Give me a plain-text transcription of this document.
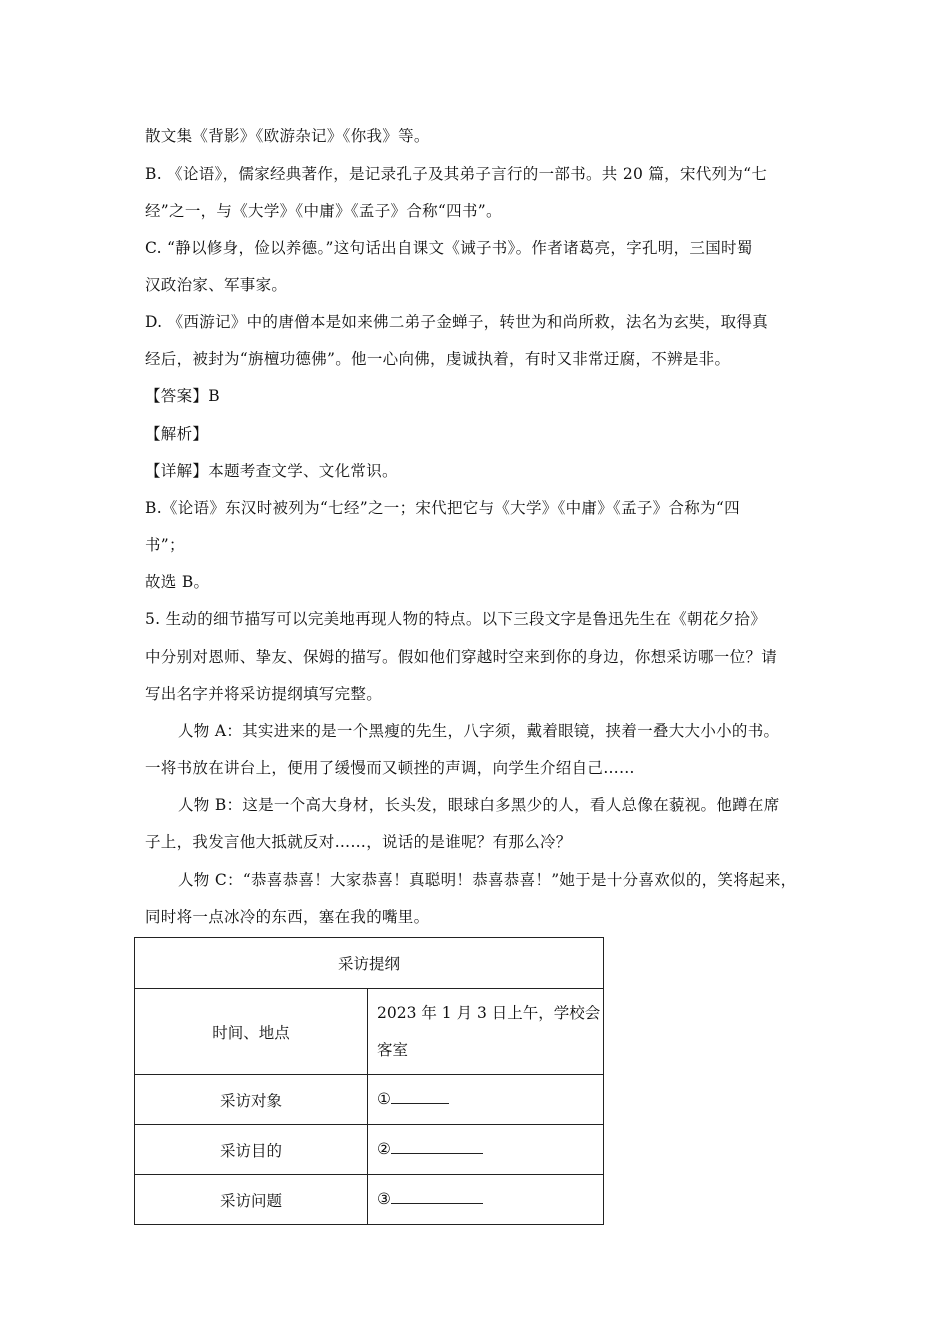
散文集《背影》《欧游杂记》《你我》等。
B. 《论语》，儒家经典著作，是记录孔子及其弟子言行的一部书。共 20 篇，宋代列为“七
经”之一，与《大学》《中庸》《孟子》合称“四书”。
C. “静以修身，俭以养德。”这句话出自课文《诫子书》。作者诸葛亮，字孔明，三国时蜀
汉政治家、军事家。
D. 《西游记》中的唐僧本是如来佛二弟子金蝉子，转世为和尚所救，法名为玄奘，取得真
经后，被封为“旃檀功德佛”。他一心向佛，虔诚执着，有时又非常迂腐，不辨是非。
【答案】B
【解析】
【详解】本题考查文学、文化常识。
B.《论语》东汉时被列为“七经”之一；宋代把它与《大学》《中庸》《孟子》合称为“四
书”；
故选 B。
5. 生动的细节描写可以完美地再现人物的特点。以下三段文字是鲁迅先生在《朝花夕拾》
中分别对恩师、挚友、保姆的描写。假如他们穿越时空来到你的身边，你想采访哪一位？请
写出名字并将采访提纲填写完整。
人物 A：其实进来的是一个黑瘦的先生，八字须，戴着眼镜，挟着一叠大大小小的书。
一将书放在讲台上，便用了缓慢而又顿挫的声调，向学生介绍自己……
人物 B：这是一个高大身材，长头发，眼球白多黑少的人，看人总像在藐视。他蹲在席
子上，我发言他大抵就反对……，说话的是谁呢？有那么冷？
人物 C：“恭喜恭喜！大家恭喜！真聪明！恭喜恭喜！”她于是十分喜欢似的，笑将起来，
同时将一点冰冷的东西，塞在我的嘴里。
采访提纲	
时间、地点	2023 年 1 月 3 日上午，学校会
客室

采访对象	①
采访目的	②
采访问题	③
